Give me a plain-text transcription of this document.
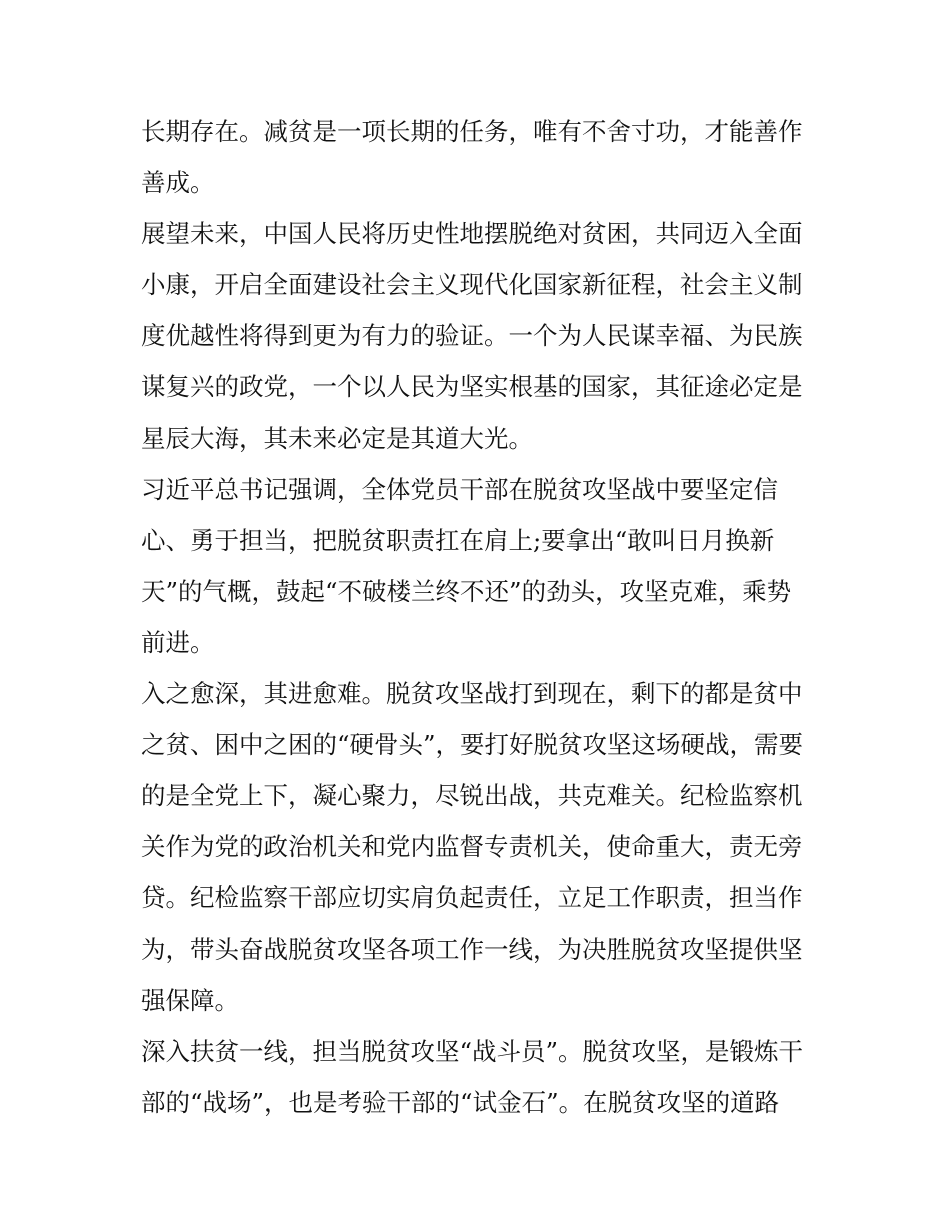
长期存在。减贫是一项长期的任务，唯有不舍寸功，才能善作
善成。
展望未来，中国人民将历史性地摆脱绝对贫困，共同迈入全面
小康，开启全面建设社会主义现代化国家新征程，社会主义制
度优越性将得到更为有力的验证。一个为人民谋幸福、为民族
谋复兴的政党，一个以人民为坚实根基的国家，其征途必定是
星辰大海，其未来必定是其道大光。
习近平总书记强调，全体党员干部在脱贫攻坚战中要坚定信
心、勇于担当，把脱贫职责扛在肩上;要拿出“敢叫日月换新
天”的气概，鼓起“不破楼兰终不还”的劲头，攻坚克难，乘势
前进。
入之愈深，其进愈难。脱贫攻坚战打到现在，剩下的都是贫中
之贫、困中之困的“硬骨头”，要打好脱贫攻坚这场硬战，需要
的是全党上下，凝心聚力，尽锐出战，共克难关。纪检监察机
关作为党的政治机关和党内监督专责机关，使命重大，责无旁
贷。纪检监察干部应切实肩负起责任，立足工作职责，担当作
为，带头奋战脱贫攻坚各项工作一线，为决胜脱贫攻坚提供坚
强保障。
深入扶贫一线，担当脱贫攻坚“战斗员”。脱贫攻坚，是锻炼干
部的“战场”，也是考验干部的“试金石”。在脱贫攻坚的道路
